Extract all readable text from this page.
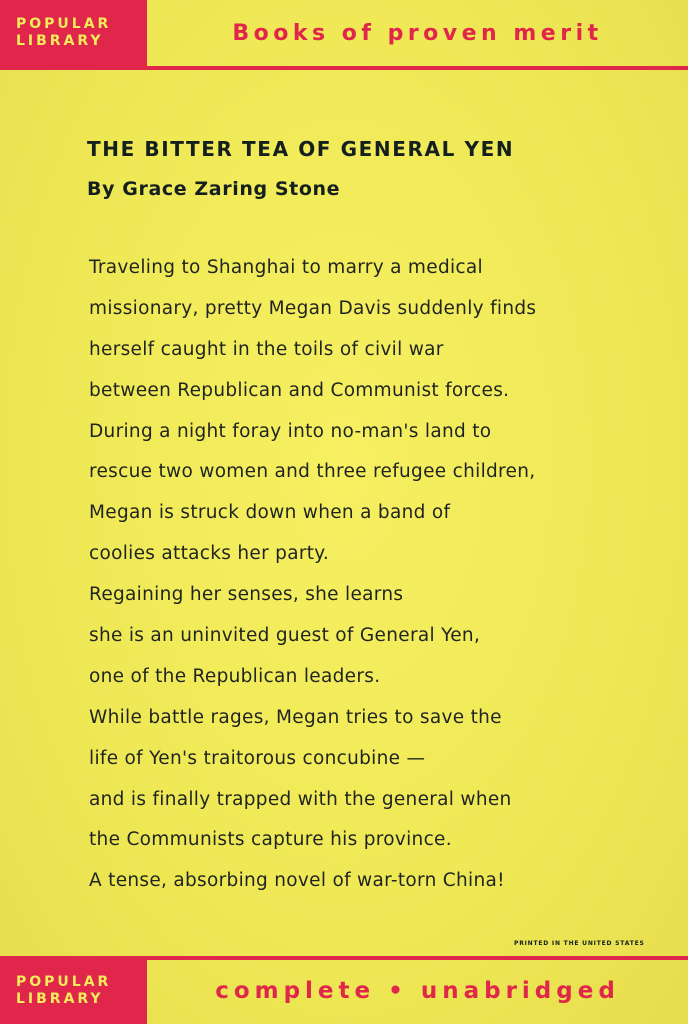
POPULAR
LIBRARY	Books of proven merit
THE BITTER TEA OF GENERAL YEN
By Grace Zaring Stone
Traveling to Shanghai to marry a medical
missionary, pretty Megan Davis suddenly finds
herself caught in the toils of civil war
between Republican and Communist forces.
During a night foray into no-man's land to
rescue two women and three refugee children,
Megan is struck down when a band of
coolies attacks her party.
Regaining her senses, she learns
she is an uninvited guest of General Yen,
one of the Republican leaders.
While battle rages, Megan tries to save the
life of Yen's traitorous concubine —
and is finally trapped with the general when
the Communists capture his province.
A tense, absorbing novel of war-torn China!
PRINTED IN THE UNITED STATES
POPULAR
LIBRARY	complete • unabridged
